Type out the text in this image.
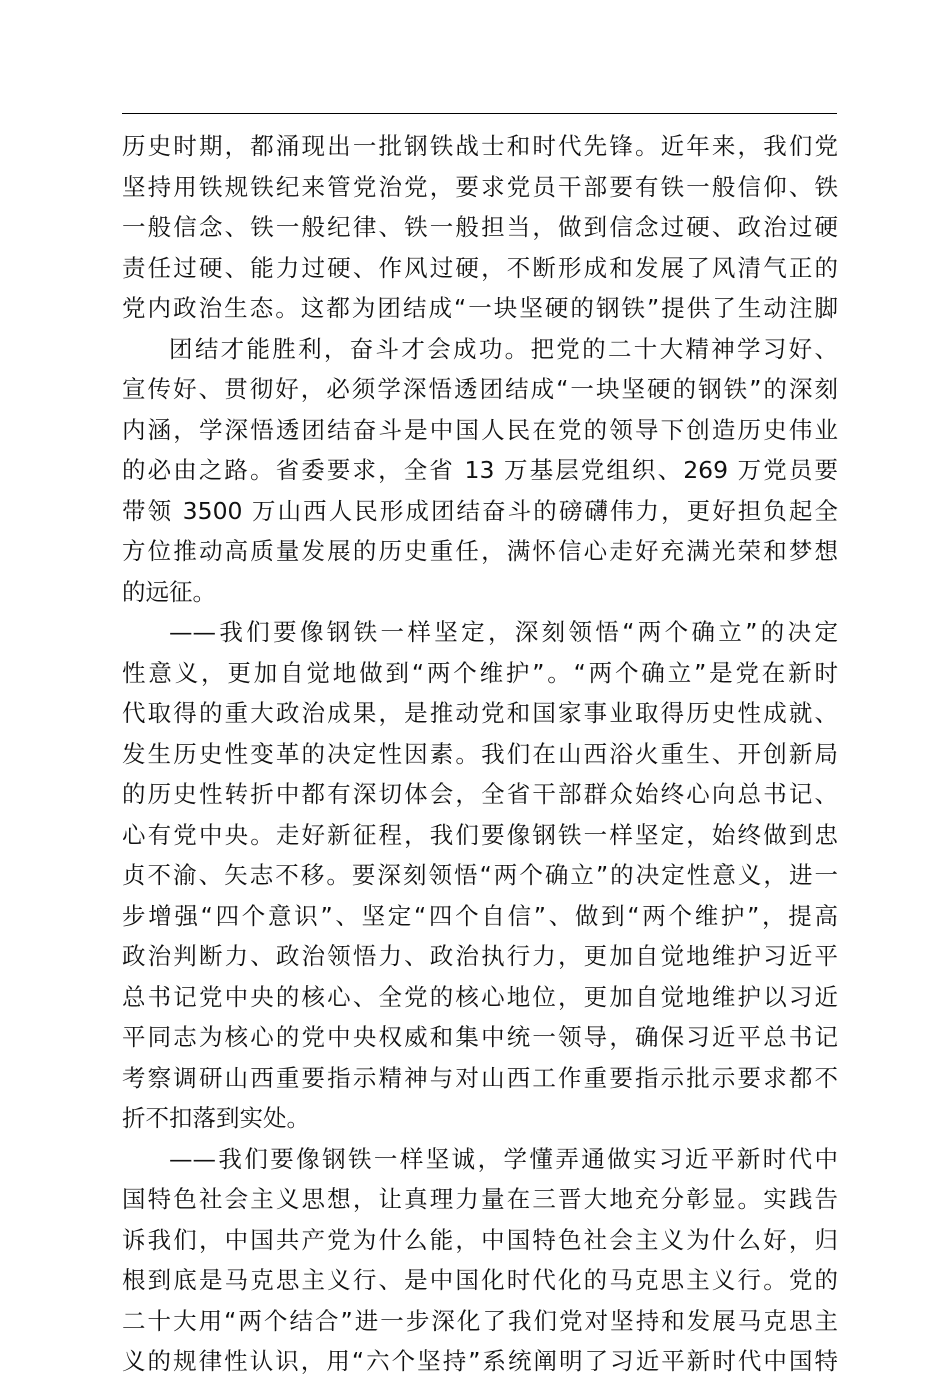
历史时期，都涌现出一批钢铁战士和时代先锋。近年来，我们党
坚持用铁规铁纪来管党治党，要求党员干部要有铁一般信仰、铁
一般信念、铁一般纪律、铁一般担当，做到信念过硬、政治过硬
责任过硬、能力过硬、作风过硬，不断形成和发展了风清气正的
党内政治生态。这都为团结成“一块坚硬的钢铁”提供了生动注脚
团结才能胜利，奋斗才会成功。把党的二十大精神学习好、
宣传好、贯彻好，必须学深悟透团结成“一块坚硬的钢铁”的深刻
内涵，学深悟透团结奋斗是中国人民在党的领导下创造历史伟业
的必由之路。省委要求，全省 13 万基层党组织、269 万党员要
带领 3500 万山西人民形成团结奋斗的磅礴伟力，更好担负起全
方位推动高质量发展的历史重任，满怀信心走好充满光荣和梦想
的远征。
——我们要像钢铁一样坚定，深刻领悟“两个确立”的决定
性意义，更加自觉地做到“两个维护”。“两个确立”是党在新时
代取得的重大政治成果，是推动党和国家事业取得历史性成就、
发生历史性变革的决定性因素。我们在山西浴火重生、开创新局
的历史性转折中都有深切体会，全省干部群众始终心向总书记、
心有党中央。走好新征程，我们要像钢铁一样坚定，始终做到忠
贞不渝、矢志不移。要深刻领悟“两个确立”的决定性意义，进一
步增强“四个意识”、坚定“四个自信”、做到“两个维护”，提高
政治判断力、政治领悟力、政治执行力，更加自觉地维护习近平
总书记党中央的核心、全党的核心地位，更加自觉地维护以习近
平同志为核心的党中央权威和集中统一领导，确保习近平总书记
考察调研山西重要指示精神与对山西工作重要指示批示要求都不
折不扣落到实处。
——我们要像钢铁一样坚诚，学懂弄通做实习近平新时代中
国特色社会主义思想，让真理力量在三晋大地充分彰显。实践告
诉我们，中国共产党为什么能，中国特色社会主义为什么好，归
根到底是马克思主义行、是中国化时代化的马克思主义行。党的
二十大用“两个结合”进一步深化了我们党对坚持和发展马克思主
义的规律性认识，用“六个坚持”系统阐明了习近平新时代中国特
